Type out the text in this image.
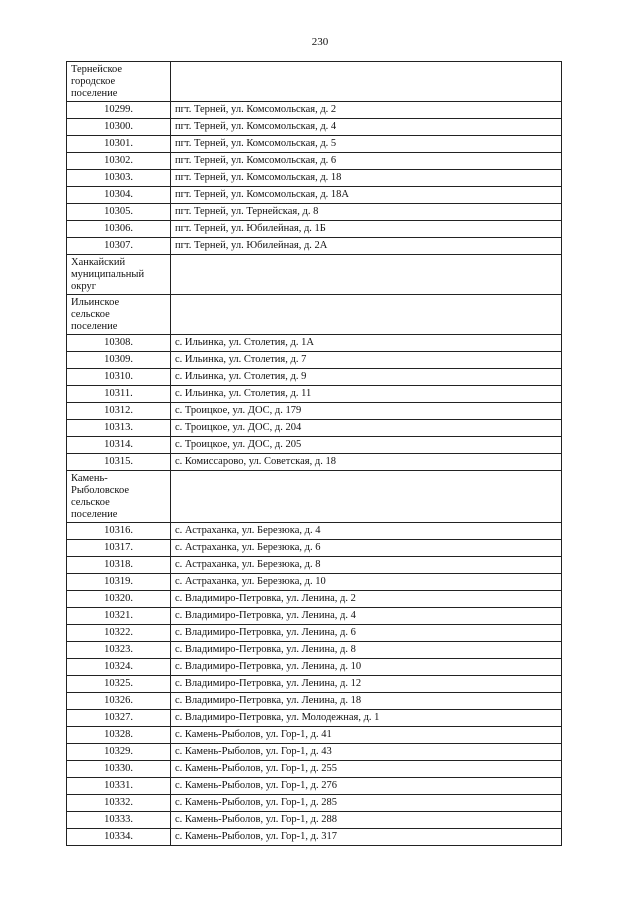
230
Тернейское
городское
поселение	

10299.	пгт. Терней, ул. Комсомольская, д. 2
10300.	пгт. Терней, ул. Комсомольская, д. 4
10301.	пгт. Терней, ул. Комсомольская, д. 5
10302.	пгт. Терней, ул. Комсомольская, д. 6
10303.	пгт. Терней, ул. Комсомольская, д. 18
10304.	пгт. Терней, ул. Комсомольская, д. 18А
10305.	пгт. Терней, ул. Тернейская, д. 8
10306.	пгт. Терней, ул. Юбилейная, д. 1Б
10307.	пгт. Терней, ул. Юбилейная, д. 2А

Ханкайский
муниципальный
округ	

Ильинское
сельское
поселение	

10308.	с. Ильинка, ул. Столетия, д. 1А
10309.	с. Ильинка, ул. Столетия, д. 7
10310.	с. Ильинка, ул. Столетия, д. 9
10311.	с. Ильинка, ул. Столетия, д. 11
10312.	с. Троицкое, ул. ДОС, д. 179
10313.	с. Троицкое, ул. ДОС, д. 204
10314.	с. Троицкое, ул. ДОС, д. 205
10315.	с. Комиссарово, ул. Советская, д. 18

Камень-
Рыболовское
сельское
поселение	

10316.	с. Астраханка, ул. Березюка, д. 4
10317.	с. Астраханка, ул. Березюка, д. 6
10318.	с. Астраханка, ул. Березюка, д. 8
10319.	с. Астраханка, ул. Березюка, д. 10
10320.	с. Владимиро-Петровка, ул. Ленина, д. 2
10321.	с. Владимиро-Петровка, ул. Ленина, д. 4
10322.	с. Владимиро-Петровка, ул. Ленина, д. 6
10323.	с. Владимиро-Петровка, ул. Ленина, д. 8
10324.	с. Владимиро-Петровка, ул. Ленина, д. 10
10325.	с. Владимиро-Петровка, ул. Ленина, д. 12
10326.	с. Владимиро-Петровка, ул. Ленина, д. 18
10327.	с. Владимиро-Петровка, ул. Молодежная, д. 1
10328.	с. Камень-Рыболов, ул. Гор-1, д. 41
10329.	с. Камень-Рыболов, ул. Гор-1, д. 43
10330.	с. Камень-Рыболов, ул. Гор-1, д. 255
10331.	с. Камень-Рыболов, ул. Гор-1, д. 276
10332.	с. Камень-Рыболов, ул. Гор-1, д. 285
10333.	с. Камень-Рыболов, ул. Гор-1, д. 288
10334.	с. Камень-Рыболов, ул. Гор-1, д. 317
